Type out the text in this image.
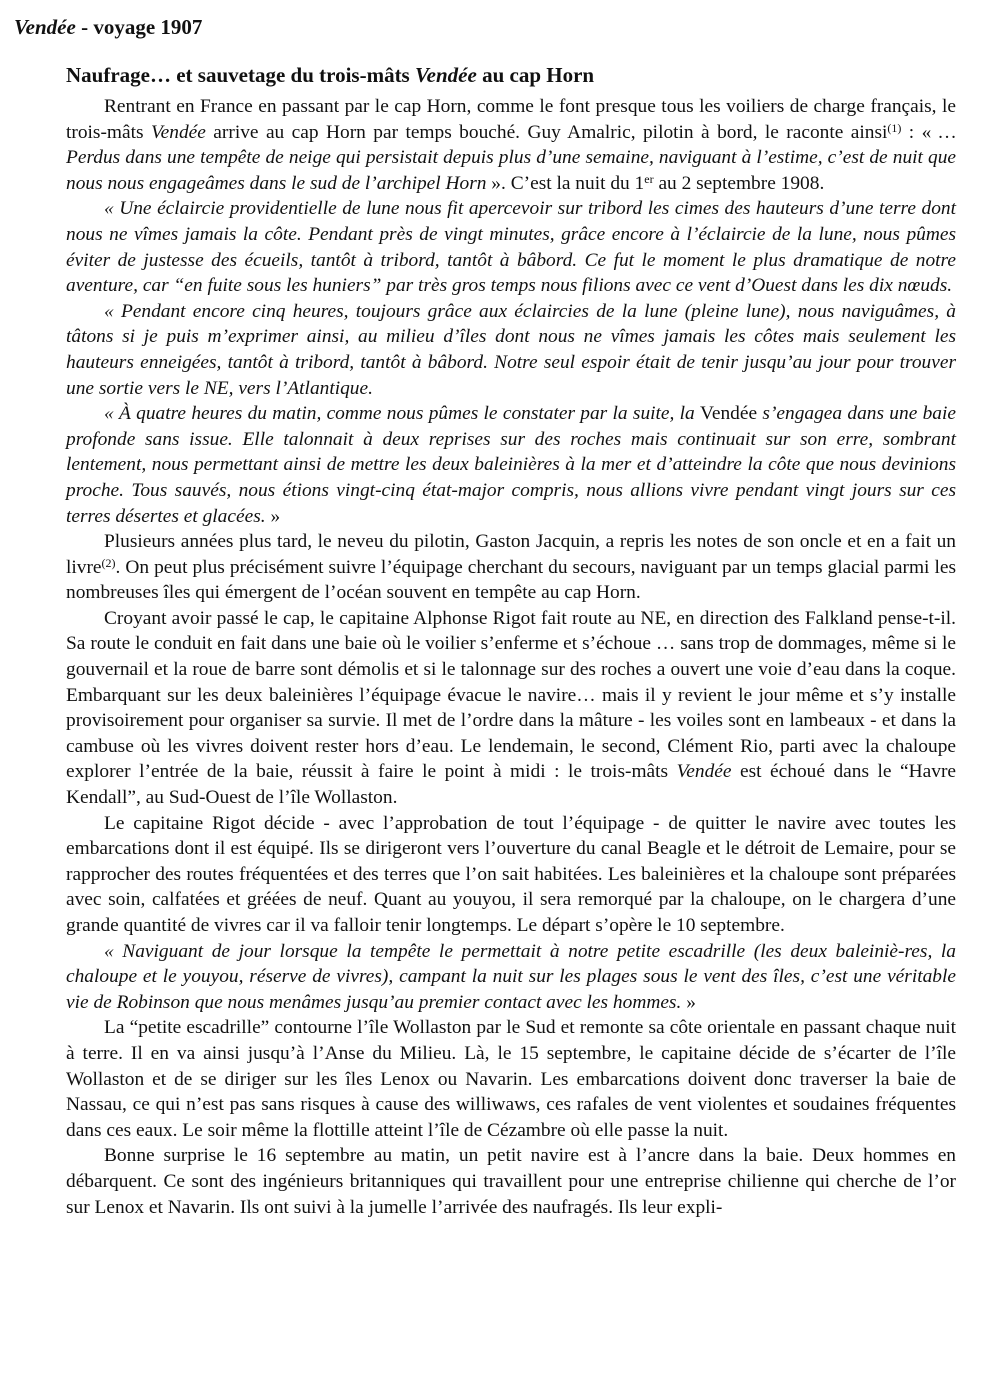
Vendée - voyage 1907
Naufrage… et sauvetage du trois-mâts Vendée au cap Horn

Rentrant en France en passant par le cap Horn, comme le font presque tous les voiliers de charge français, le trois-mâts Vendée arrive au cap Horn par temps bouché. Guy Amalric, pilotin à bord, le raconte ainsi$^{(1)}$ : « …Perdus dans une tempête de neige qui persistait depuis plus d’une semaine, naviguant à l’estime, c’est de nuit que nous nous engageâmes dans le sud de l’archipel Horn ». C’est la nuit du 1er au 2 septembre 1908.

« Une éclaircie providentielle de lune nous fit apercevoir sur tribord les cimes des hauteurs d’une terre dont nous ne vîmes jamais la côte. Pendant près de vingt minutes, grâce encore à l’éclaircie de la lune, nous pûmes éviter de justesse des écueils, tantôt à tribord, tantôt à bâbord. Ce fut le moment le plus dramatique de notre aventure, car “en fuite sous les huniers” par très gros temps nous filions avec ce vent d’Ouest dans les dix nœuds.

« Pendant encore cinq heures, toujours grâce aux éclaircies de la lune (pleine lune), nous naviguâmes, à tâtons si je puis m’exprimer ainsi, au milieu d’îles dont nous ne vîmes jamais les côtes mais seulement les hauteurs enneigées, tantôt à tribord, tantôt à bâbord. Notre seul espoir était de tenir jusqu’au jour pour trouver une sortie vers le NE, vers l’Atlantique.

« À quatre heures du matin, comme nous pûmes le constater par la suite, la Vendée s’engagea dans une baie profonde sans issue. Elle talonnait à deux reprises sur des roches mais continuait sur son erre, sombrant lentement, nous permettant ainsi de mettre les deux baleinières à la mer et d’atteindre la côte que nous devinions proche. Tous sauvés, nous étions vingt-cinq état-major compris, nous allions vivre pendant vingt jours sur ces terres désertes et glacées. »

Plusieurs années plus tard, le neveu du pilotin, Gaston Jacquin, a repris les notes de son oncle et en a fait un livre$^{(2)}$. On peut plus précisément suivre l’équipage cherchant du secours, naviguant par un temps glacial parmi les nombreuses îles qui émergent de l’océan souvent en tempête au cap Horn.

Croyant avoir passé le cap, le capitaine Alphonse Rigot fait route au NE, en direction des Falkland pense-t-il. Sa route le conduit en fait dans une baie où le voilier s’enferme et s’échoue … sans trop de dommages, même si le gouvernail et la roue de barre sont démolis et si le talonnage sur des roches a ouvert une voie d’eau dans la coque. Embarquant sur les deux baleinières l’équipage évacue le navire… mais il y revient le jour même et s’y installe provisoirement pour organiser sa survie. Il met de l’ordre dans la mâture - les voiles sont en lambeaux - et dans la cambuse où les vivres doivent rester hors d’eau. Le lendemain, le second, Clément Rio, parti avec la chaloupe explorer l’entrée de la baie, réussit à faire le point à midi : le trois-mâts Vendée est échoué dans le “Havre Kendall”, au Sud-Ouest de l’île Wollaston.

Le capitaine Rigot décide - avec l’approbation de tout l’équipage - de quitter le navire avec toutes les embarcations dont il est équipé. Ils se dirigeront vers l’ouverture du canal Beagle et le détroit de Lemaire, pour se rapprocher des routes fréquentées et des terres que l’on sait habitées. Les baleinières et la chaloupe sont préparées avec soin, calfatées et gréées de neuf. Quant au youyou, il sera remorqué par la chaloupe, on le chargera d’une grande quantité de vivres car il va falloir tenir longtemps. Le départ s’opère le 10 septembre.

« Naviguant de jour lorsque la tempête le permettait à notre petite escadrille (les deux baleiniè-res, la chaloupe et le youyou, réserve de vivres), campant la nuit sur les plages sous le vent des îles, c’est une véritable vie de Robinson que nous menâmes jusqu’au premier contact avec les hommes. »

La “petite escadrille” contourne l’île Wollaston par le Sud et remonte sa côte orientale en passant chaque nuit à terre. Il en va ainsi jusqu’à l’Anse du Milieu. Là, le 15 septembre, le capitaine décide de s’écarter de l’île Wollaston et de se diriger sur les îles Lenox ou Navarin. Les embarcations doivent donc traverser la baie de Nassau, ce qui n’est pas sans risques à cause des williwaws, ces rafales de vent violentes et soudaines fréquentes dans ces eaux. Le soir même la flottille atteint l’île de Cézambre où elle passe la nuit.

Bonne surprise le 16 septembre au matin, un petit navire est à l’ancre dans la baie. Deux hommes en débarquent. Ce sont des ingénieurs britanniques qui travaillent pour une entreprise chilienne qui cherche de l’or sur Lenox et Navarin. Ils ont suivi à la jumelle l’arrivée des naufragés. Ils leur expli-
